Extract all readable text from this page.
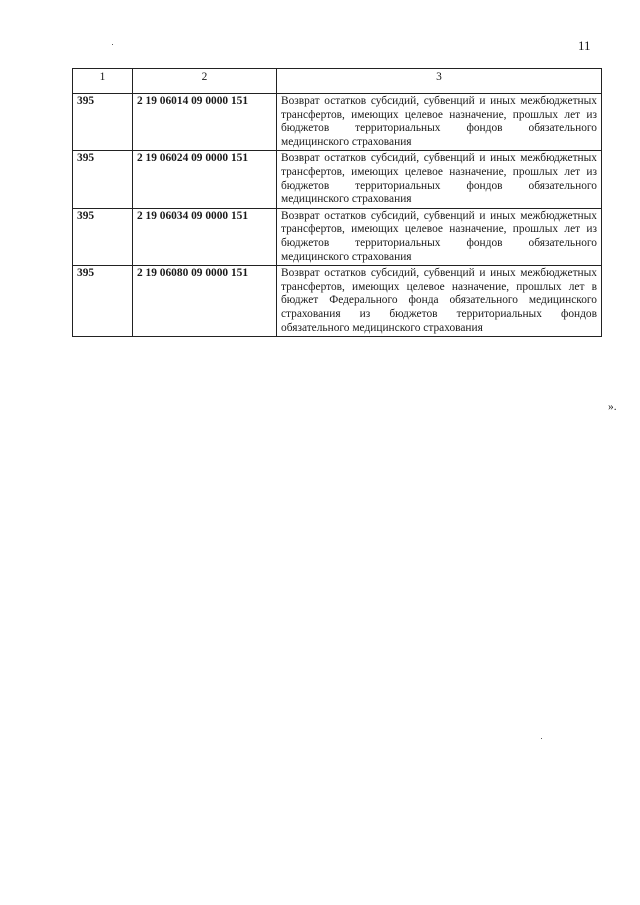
11
1	2	3
395	2 19 06014 09 0000 151	Возврат остатков субсидий, субвенций и иных межбюджетных трансфертов, имеющих целевое назначение, прошлых лет из бюджетов территориальных фондов обязательного медицинского страхования
395	2 19 06024 09 0000 151	Возврат остатков субсидий, субвенций и иных межбюджетных трансфертов, имеющих целевое назначение, прошлых лет из бюджетов территориальных фондов обязательного медицинского страхования
395	2 19 06034 09 0000 151	Возврат остатков субсидий, субвенций и иных межбюджетных трансфертов, имеющих целевое назначение, прошлых лет из бюджетов территориальных фондов обязательного медицинского страхования
395	2 19 06080 09 0000 151	Возврат остатков субсидий, субвенций и иных межбюджетных трансфертов, имеющих целевое назначение, прошлых лет в бюджет Федерального фонда обязательного медицинского страхования из бюджетов территориальных фондов обязательного медицинского страхования
».
